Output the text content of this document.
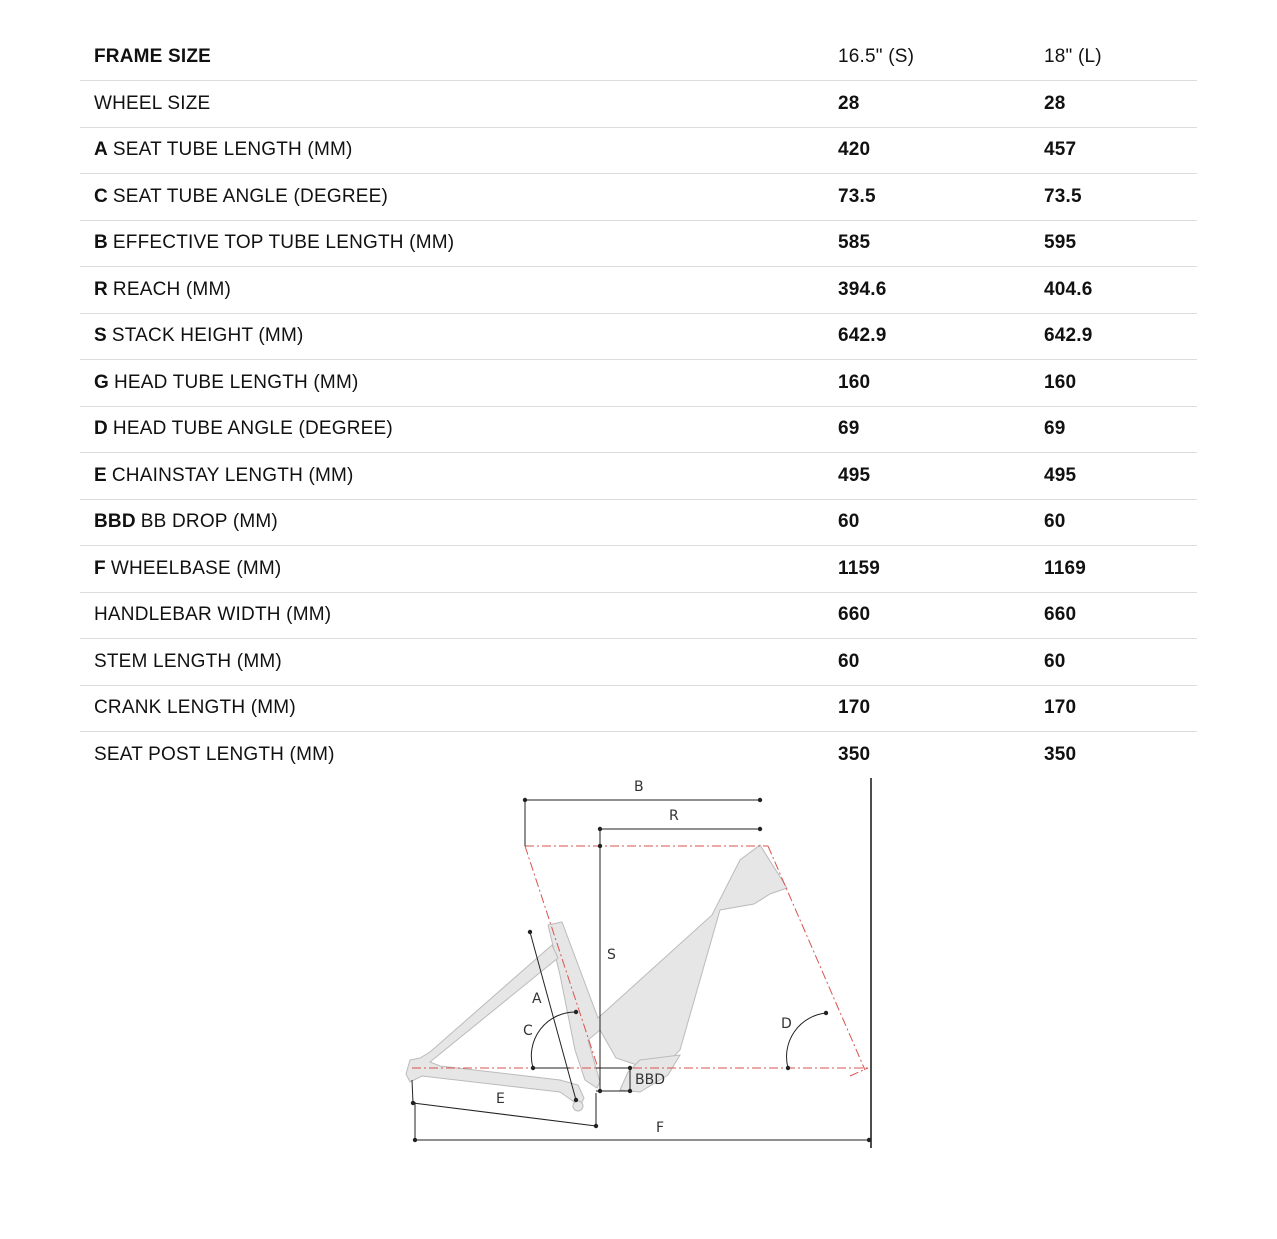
FRAME SIZE	16.5" (S)	18" (L)
WHEEL SIZE	28	28
A SEAT TUBE LENGTH (MM)	420	457
C SEAT TUBE ANGLE (DEGREE)	73.5	73.5
B EFFECTIVE TOP TUBE LENGTH (MM)	585	595
R REACH (MM)	394.6	404.6
S STACK HEIGHT (MM)	642.9	642.9
G HEAD TUBE LENGTH (MM)	160	160
D HEAD TUBE ANGLE (DEGREE)	69	69
E CHAINSTAY LENGTH (MM)	495	495
BBD BB DROP (MM)	60	60
F WHEELBASE (MM)	1159	1169
HANDLEBAR WIDTH (MM)	660	660
STEM LENGTH (MM)	60	60
CRANK LENGTH (MM)	170	170
SEAT POST LENGTH (MM)	350	350
B
R
S
A
C	D
BBD
E
F
